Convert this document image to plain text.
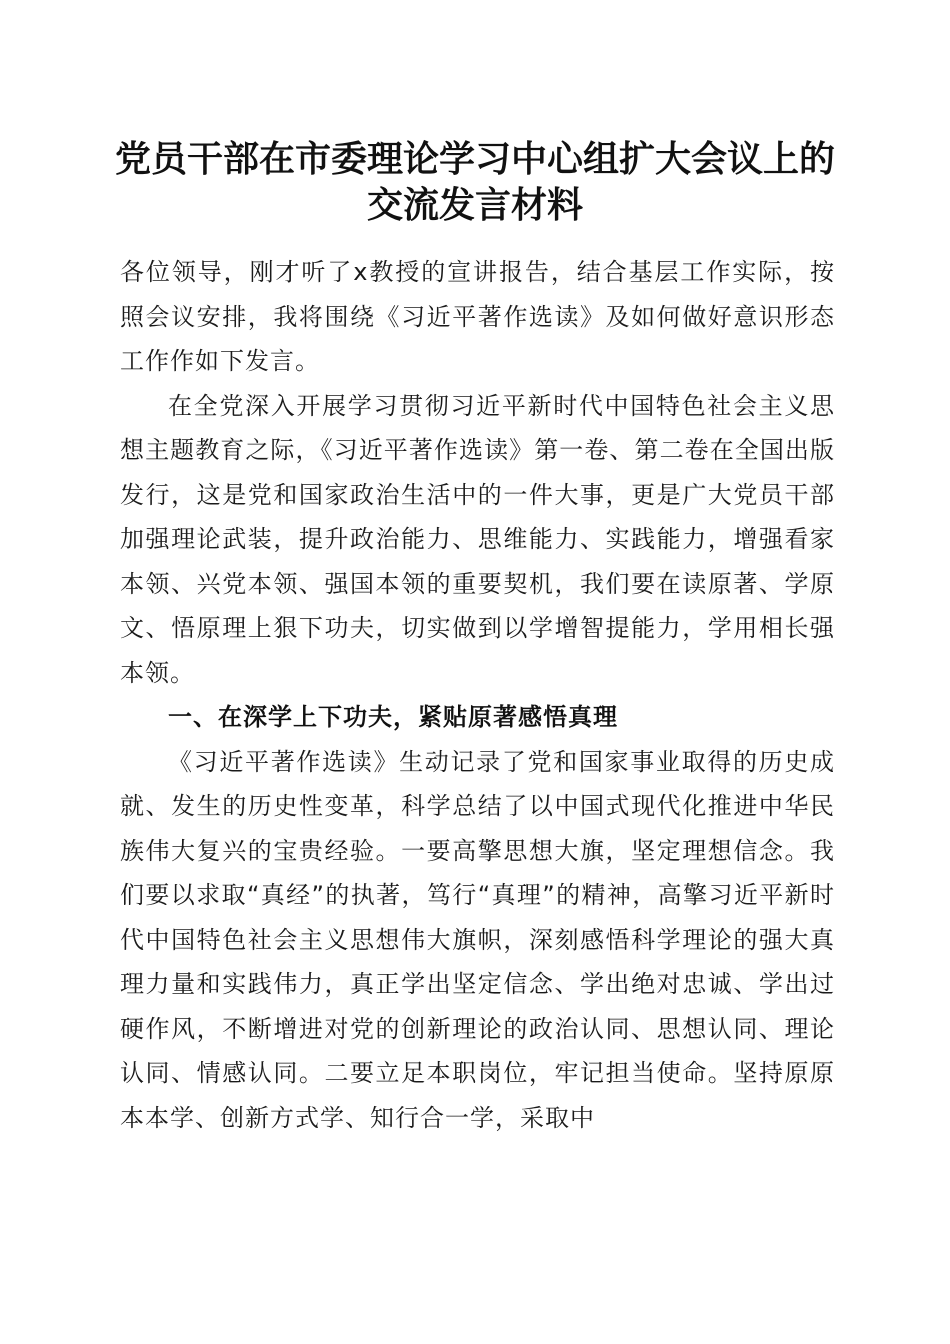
党员干部在市委理论学习中心组扩大会议上的
交流发言材料

各位领导，刚才听了x教授的宣讲报告，结合基层工作实际，按照会议安排，我将围绕《习近平著作选读》及如何做好意识形态工作作如下发言。

在全党深入开展学习贯彻习近平新时代中国特色社会主义思想主题教育之际，《习近平著作选读》第一卷、第二卷在全国出版发行，这是党和国家政治生活中的一件大事，更是广大党员干部加强理论武装，提升政治能力、思维能力、实践能力，增强看家本领、兴党本领、强国本领的重要契机，我们要在读原著、学原文、悟原理上狠下功夫，切实做到以学增智提能力，学用相长强本领。

一、在深学上下功夫，紧贴原著感悟真理

《习近平著作选读》生动记录了党和国家事业取得的历史成就、发生的历史性变革，科学总结了以中国式现代化推进中华民族伟大复兴的宝贵经验。一要高擎思想大旗，坚定理想信念。我们要以求取“真经”的执著，笃行“真理”的精神，高擎习近平新时代中国特色社会主义思想伟大旗帜，深刻感悟科学理论的强大真理力量和实践伟力，真正学出坚定信念、学出绝对忠诚、学出过硬作风，不断增进对党的创新理论的政治认同、思想认同、理论认同、情感认同。二要立足本职岗位，牢记担当使命。坚持原原本本学、创新方式学、知行合一学，采取中
